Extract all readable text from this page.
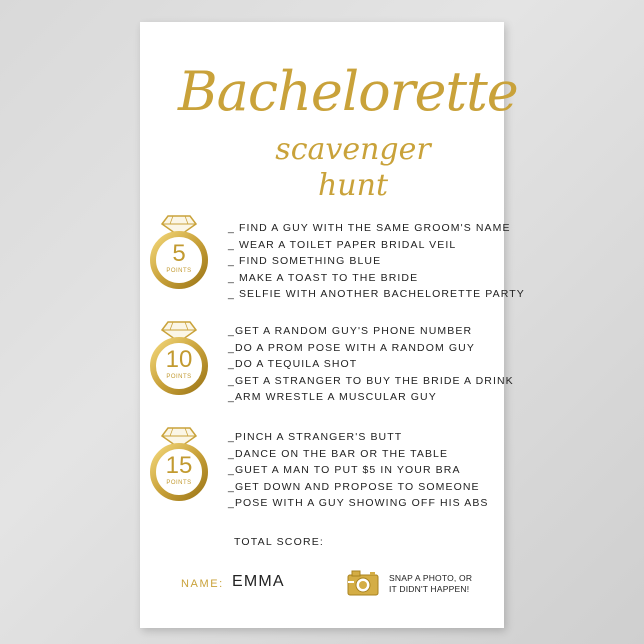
Bachelorette
scavenger hunt
5
POINTS
_ FIND A GUY WITH THE SAME GROOM'S NAME
_ WEAR A TOILET PAPER BRIDAL VEIL
_ FIND SOMETHING BLUE
_ MAKE A TOAST TO THE BRIDE
_ SELFIE WITH ANOTHER BACHELORETTE PARTY
10
POINTS
_GET A RANDOM GUY'S PHONE NUMBER
_DO A PROM POSE WITH A RANDOM GUY
_DO A TEQUILA SHOT
_GET A STRANGER TO BUY THE BRIDE A DRINK
_ARM WRESTLE A MUSCULAR GUY
15
POINTS
_PINCH A STRANGER'S BUTT
_DANCE ON THE BAR OR THE TABLE
_GUET A MAN TO PUT $5 IN YOUR BRA
_GET DOWN AND PROPOSE TO SOMEONE
_POSE WITH A GUY SHOWING OFF HIS ABS
TOTAL SCORE:
NAME: EMMA	SNAP A PHOTO, OR
IT DIDN'T HAPPEN!
